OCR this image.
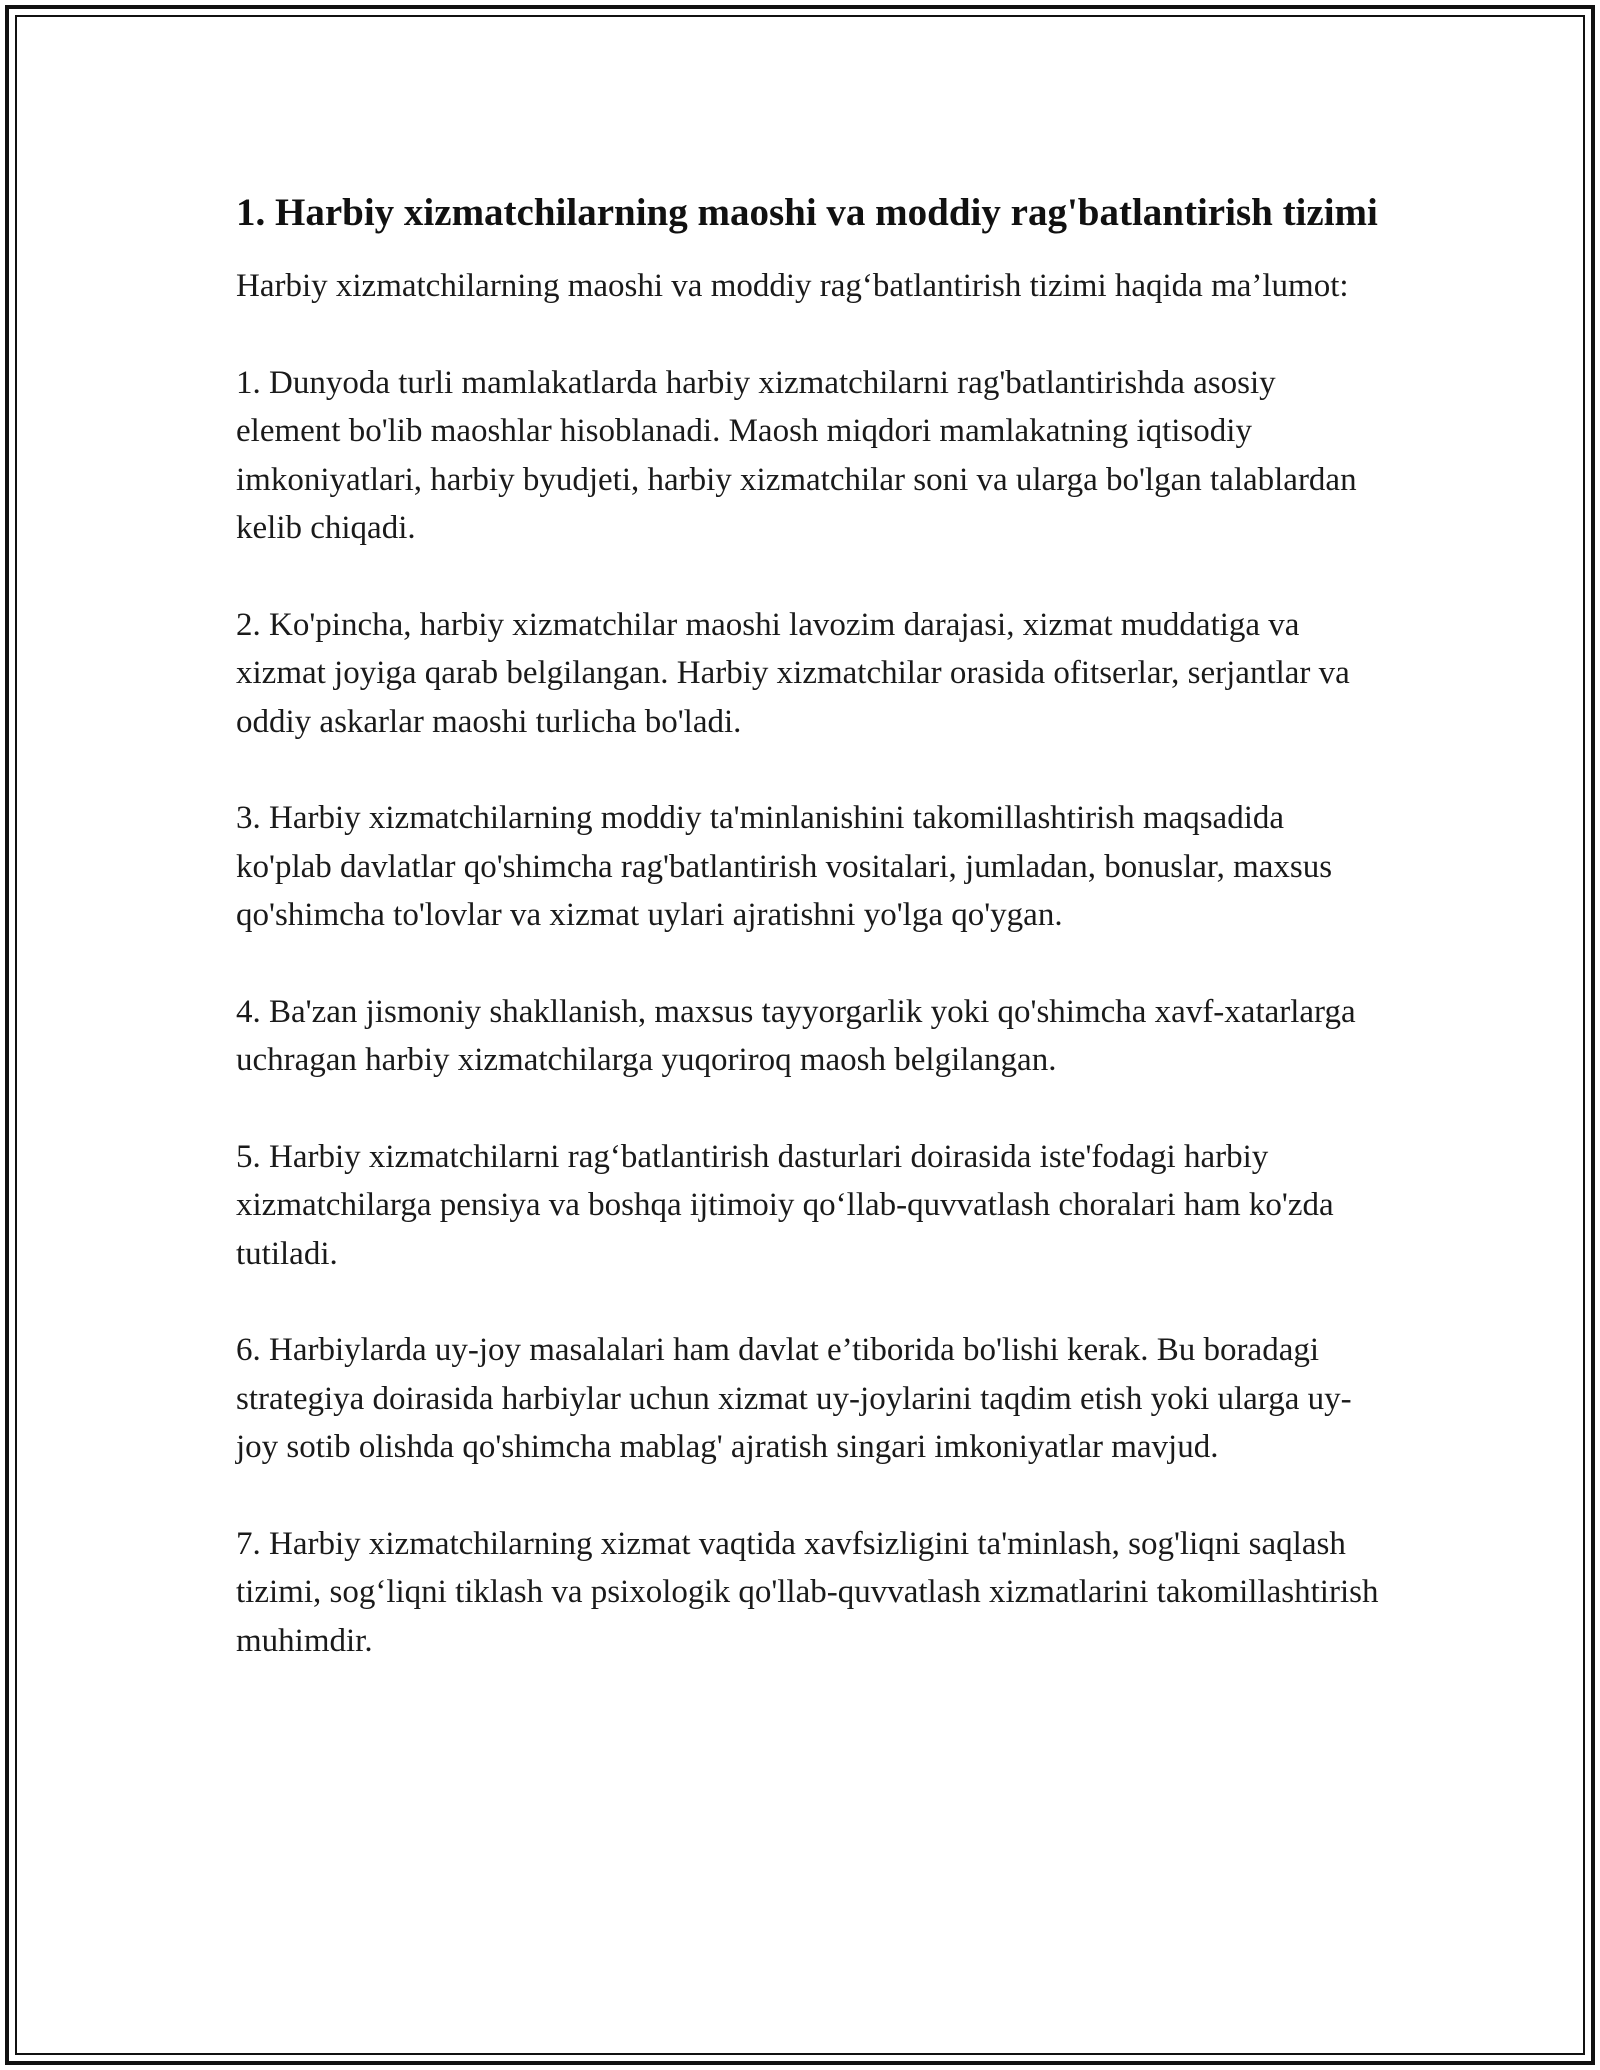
1. Harbiy xizmatchilarning maoshi va moddiy rag'batlantirish tizimi

Harbiy xizmatchilarning maoshi va moddiy rag‘batlantirish tizimi haqida ma’lumot:

1. Dunyoda turli mamlakatlarda harbiy xizmatchilarni rag'batlantirishda asosiy element bo'lib maoshlar hisoblanadi. Maosh miqdori mamlakatning iqtisodiy imkoniyatlari, harbiy byudjeti, harbiy xizmatchilar soni va ularga bo'lgan talablardan kelib chiqadi.

2. Ko'pincha, harbiy xizmatchilar maoshi lavozim darajasi, xizmat muddatiga va xizmat joyiga qarab belgilangan. Harbiy xizmatchilar orasida ofitserlar, serjantlar va oddiy askarlar maoshi turlicha bo'ladi.

3. Harbiy xizmatchilarning moddiy ta'minlanishini takomillashtirish maqsadida ko'plab davlatlar qo'shimcha rag'batlantirish vositalari, jumladan, bonuslar, maxsus qo'shimcha to'lovlar va xizmat uylari ajratishni yo'lga qo'ygan.

4. Ba'zan jismoniy shakllanish, maxsus tayyorgarlik yoki qo'shimcha xavf-xatarlarga uchragan harbiy xizmatchilarga yuqoriroq maosh belgilangan.

5. Harbiy xizmatchilarni rag‘batlantirish dasturlari doirasida iste'fodagi harbiy xizmatchilarga pensiya va boshqa ijtimoiy qo‘llab-quvvatlash choralari ham ko'zda tutiladi.

6. Harbiylarda uy-joy masalalari ham davlat e’tiborida bo'lishi kerak. Bu boradagi strategiya doirasida harbiylar uchun xizmat uy-joylarini taqdim etish yoki ularga uy-joy sotib olishda qo'shimcha mablag' ajratish singari imkoniyatlar mavjud.

7. Harbiy xizmatchilarning xizmat vaqtida xavfsizligini ta'minlash, sog'liqni saqlash tizimi, sog‘liqni tiklash va psixologik qo'llab-quvvatlash xizmatlarini takomillashtirish muhimdir.
